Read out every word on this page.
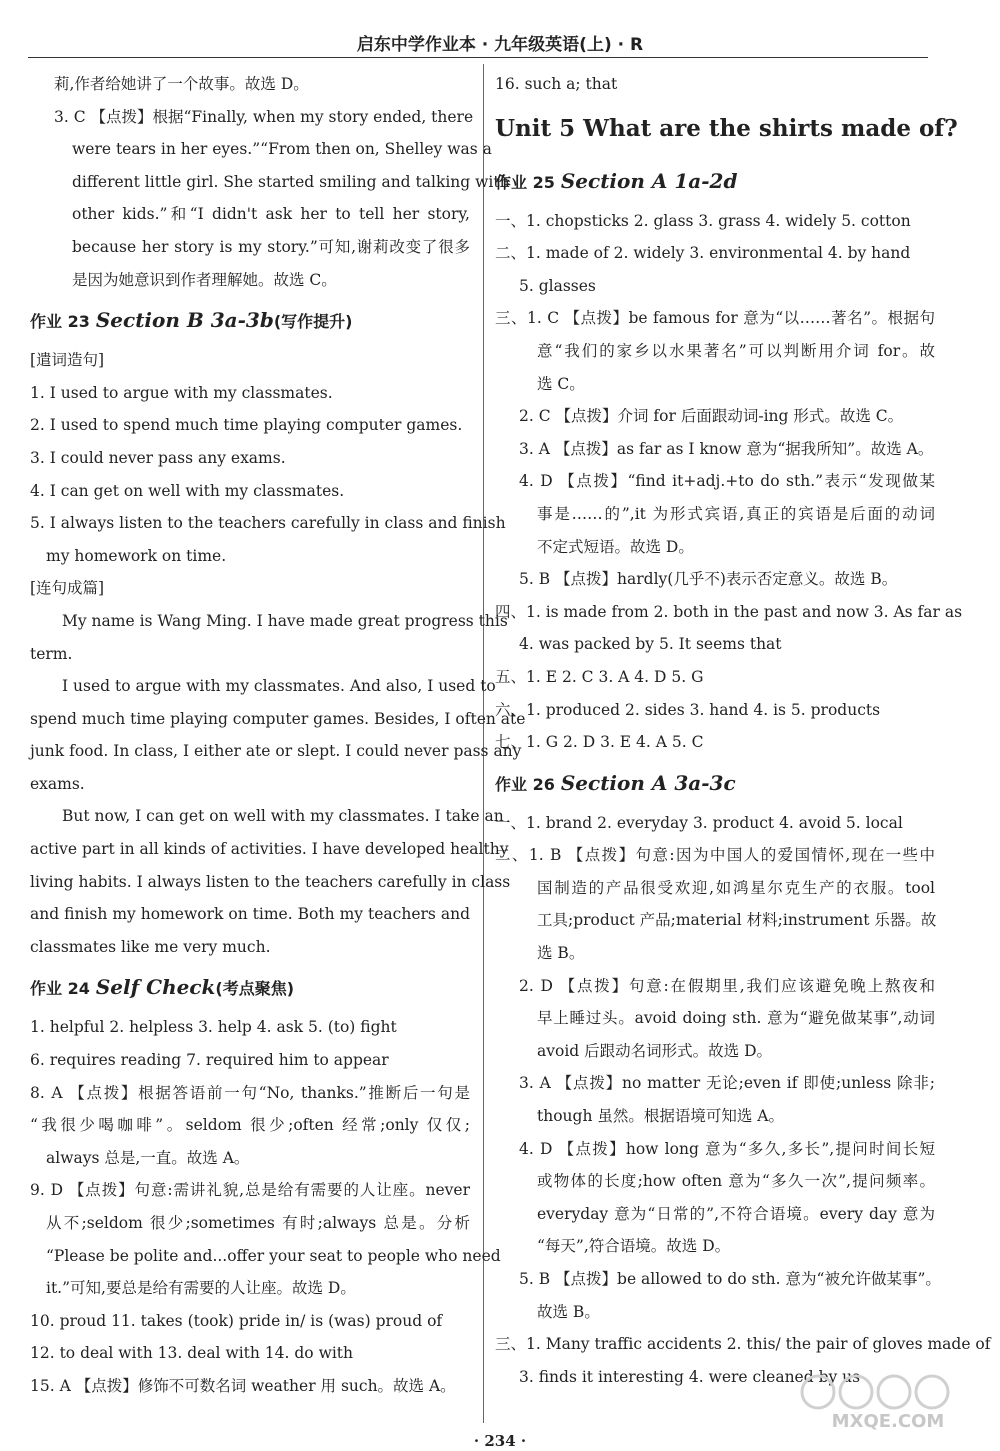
启东中学作业本 · 九年级英语(上) · R
莉,作者给她讲了一个故事。故选 D。
3. C 【点拨】根据“Finally, when my story ended, there
were tears in her eyes.”“From then on, Shelley was a
different little girl. She started smiling and talking with
other kids.”和“I didn't ask her to tell her story,
because her story is my story.”可知,谢莉改变了很多
是因为她意识到作者理解她。故选 C。
作业 23 Section B 3a-3b(写作提升)
[遣词造句]
1. I used to argue with my classmates.
2. I used to spend much time playing computer games.
3. I could never pass any exams.
4. I can get on well with my classmates.
5. I always listen to the teachers carefully in class and finish
my homework on time.
[连句成篇]
My name is Wang Ming. I have made great progress this
term.
I used to argue with my classmates. And also, I used to
spend much time playing computer games. Besides, I often ate
junk food. In class, I either ate or slept. I could never pass any
exams.
But now, I can get on well with my classmates. I take an
active part in all kinds of activities. I have developed healthy
living habits. I always listen to the teachers carefully in class
and finish my homework on time. Both my teachers and
classmates like me very much.
作业 24 Self Check(考点聚焦)
1. helpful 2. helpless 3. help 4. ask 5. (to) fight
6. requires reading 7. required him to appear
8. A 【点拨】根据答语前一句“No, thanks.”推断后一句是
“我很少喝咖啡”。seldom 很少;often 经常;only 仅仅;
always 总是,一直。故选 A。
9. D 【点拨】句意:需讲礼貌,总是给有需要的人让座。never
从不;seldom 很少;sometimes 有时;always 总是。分析
“Please be polite and...offer your seat to people who need
it.”可知,要总是给有需要的人让座。故选 D。
10. proud 11. takes (took) pride in/ is (was) proud of
12. to deal with 13. deal with 14. do with
15. A 【点拨】修饰不可数名词 weather 用 such。故选 A。
16. such a; that
Unit 5 What are the shirts made of?
作业 25 Section A 1a-2d
一、1. chopsticks 2. glass 3. grass 4. widely 5. cotton
二、1. made of 2. widely 3. environmental 4. by hand
5. glasses
三、1. C 【点拨】be famous for 意为“以……著名”。根据句
意“我们的家乡以水果著名”可以判断用介词 for。故
选 C。
2. C 【点拨】介词 for 后面跟动词-ing 形式。故选 C。
3. A 【点拨】as far as I know 意为“据我所知”。故选 A。
4. D 【点拨】“find it+adj.+to do sth.”表示“发现做某
事是……的”,it 为形式宾语,真正的宾语是后面的动词
不定式短语。故选 D。
5. B 【点拨】hardly(几乎不)表示否定意义。故选 B。
四、1. is made from 2. both in the past and now 3. As far as
4. was packed by 5. It seems that
五、1. E 2. C 3. A 4. D 5. G
六、1. produced 2. sides 3. hand 4. is 5. products
七、1. G 2. D 3. E 4. A 5. C
作业 26 Section A 3a-3c
一、1. brand 2. everyday 3. product 4. avoid 5. local
二、1. B 【点拨】句意:因为中国人的爱国情怀,现在一些中
国制造的产品很受欢迎,如鸿星尔克生产的衣服。tool
工具;product 产品;material 材料;instrument 乐器。故
选 B。
2. D 【点拨】句意:在假期里,我们应该避免晚上熬夜和
早上睡过头。avoid doing sth. 意为“避免做某事”,动词
avoid 后跟动名词形式。故选 D。
3. A 【点拨】no matter 无论;even if 即使;unless 除非;
though 虽然。根据语境可知选 A。
4. D 【点拨】how long 意为“多久,多长”,提问时间长短
或物体的长度;how often 意为“多久一次”,提问频率。
everyday 意为“日常的”,不符合语境。every day 意为
“每天”,符合语境。故选 D。
5. B 【点拨】be allowed to do sth. 意为“被允许做某事”。
故选 B。
三、1. Many traffic accidents 2. this/ the pair of gloves made of
3. finds it interesting 4. were cleaned by us
· 234 ·
MXQE.COM
